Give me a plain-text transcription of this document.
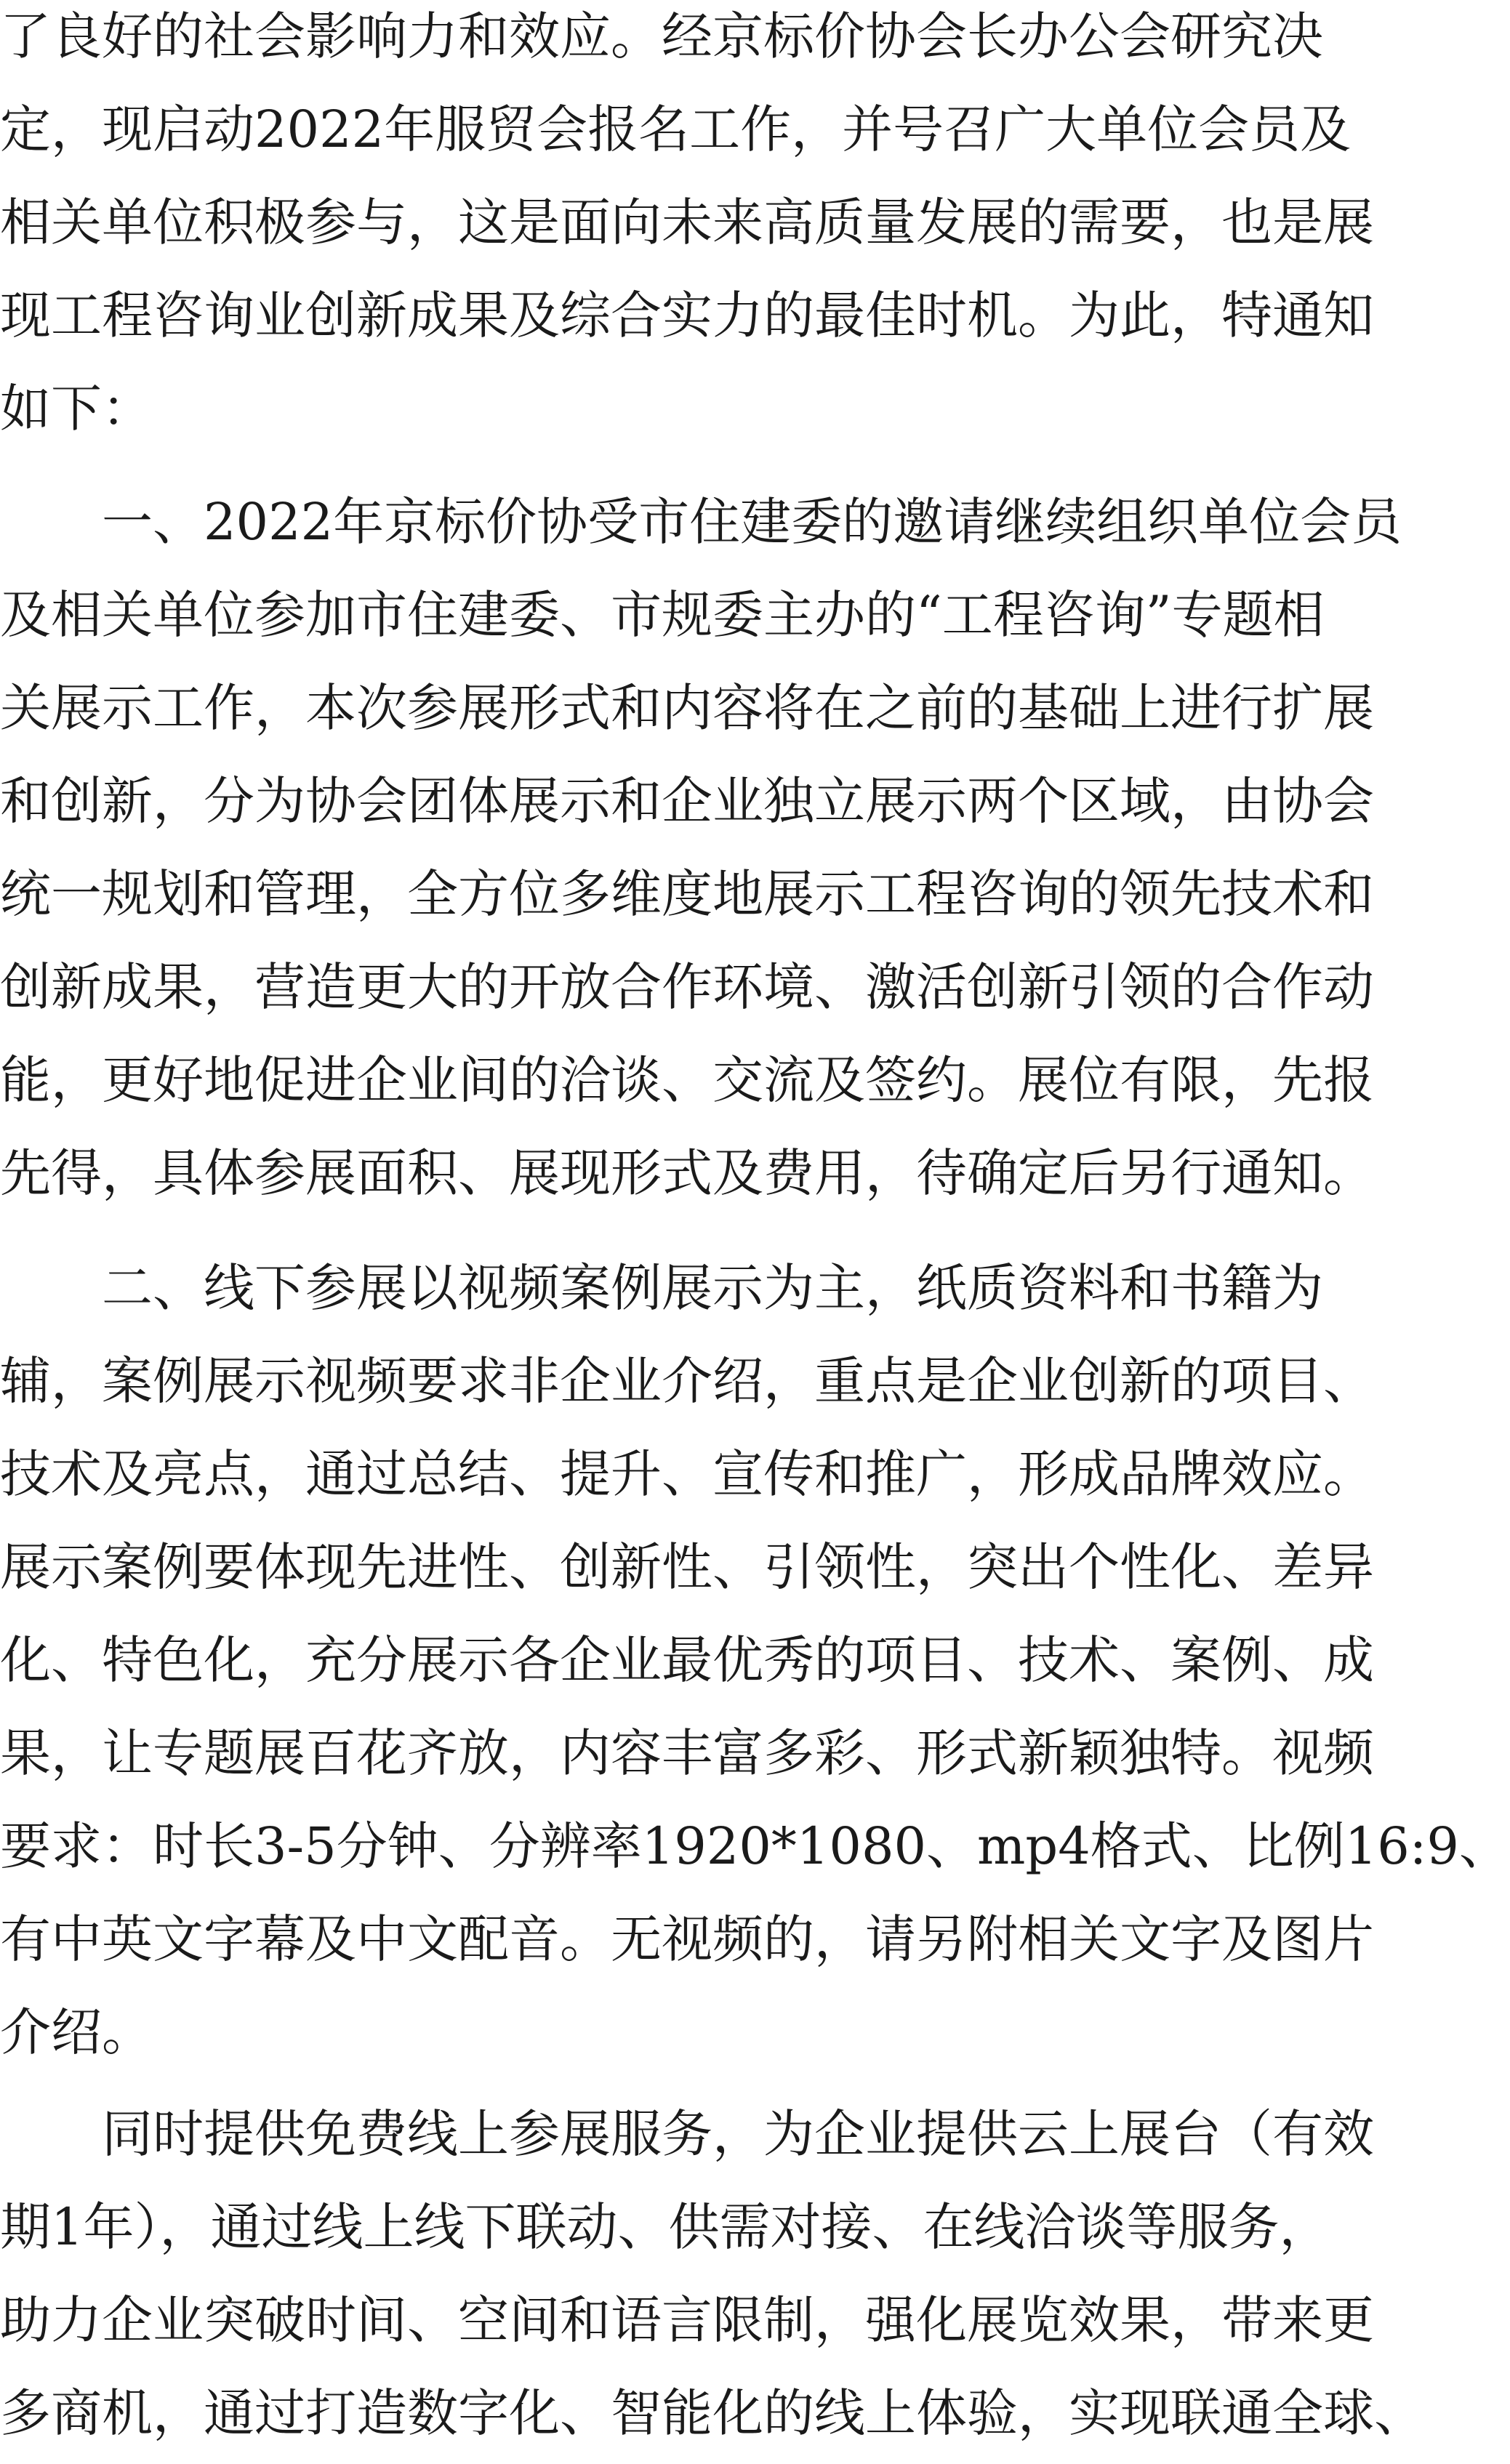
了良好的社会影响力和效应。经京标价协会长办公会研究决
定，现启动2022年服贸会报名工作，并号召广大单位会员及
相关单位积极参与，这是面向未来高质量发展的需要，也是展
现工程咨询业创新成果及综合实力的最佳时机。为此，特通知
如下：
　　一、2022年京标价协受市住建委的邀请继续组织单位会员
及相关单位参加市住建委、市规委主办的“工程咨询”专题相
关展示工作，本次参展形式和内容将在之前的基础上进行扩展
和创新，分为协会团体展示和企业独立展示两个区域，由协会
统一规划和管理，全方位多维度地展示工程咨询的领先技术和
创新成果，营造更大的开放合作环境、激活创新引领的合作动
能，更好地促进企业间的洽谈、交流及签约。展位有限，先报
先得，具体参展面积、展现形式及费用，待确定后另行通知。
　　二、线下参展以视频案例展示为主，纸质资料和书籍为
辅，案例展示视频要求非企业介绍，重点是企业创新的项目、
技术及亮点，通过总结、提升、宣传和推广，形成品牌效应。
展示案例要体现先进性、创新性、引领性，突出个性化、差异
化、特色化，充分展示各企业最优秀的项目、技术、案例、成
果，让专题展百花齐放，内容丰富多彩、形式新颖独特。视频
要求：时长3-5分钟、分辨率1920*1080、mp4格式、比例16:9、
有中英文字幕及中文配音。无视频的，请另附相关文字及图片
介绍。
　　同时提供免费线上参展服务，为企业提供云上展台（有效
期1年），通过线上线下联动、供需对接、在线洽谈等服务，
助力企业突破时间、空间和语言限制，强化展览效果，带来更
多商机，通过打造数字化、智能化的线上体验，实现联通全球、
